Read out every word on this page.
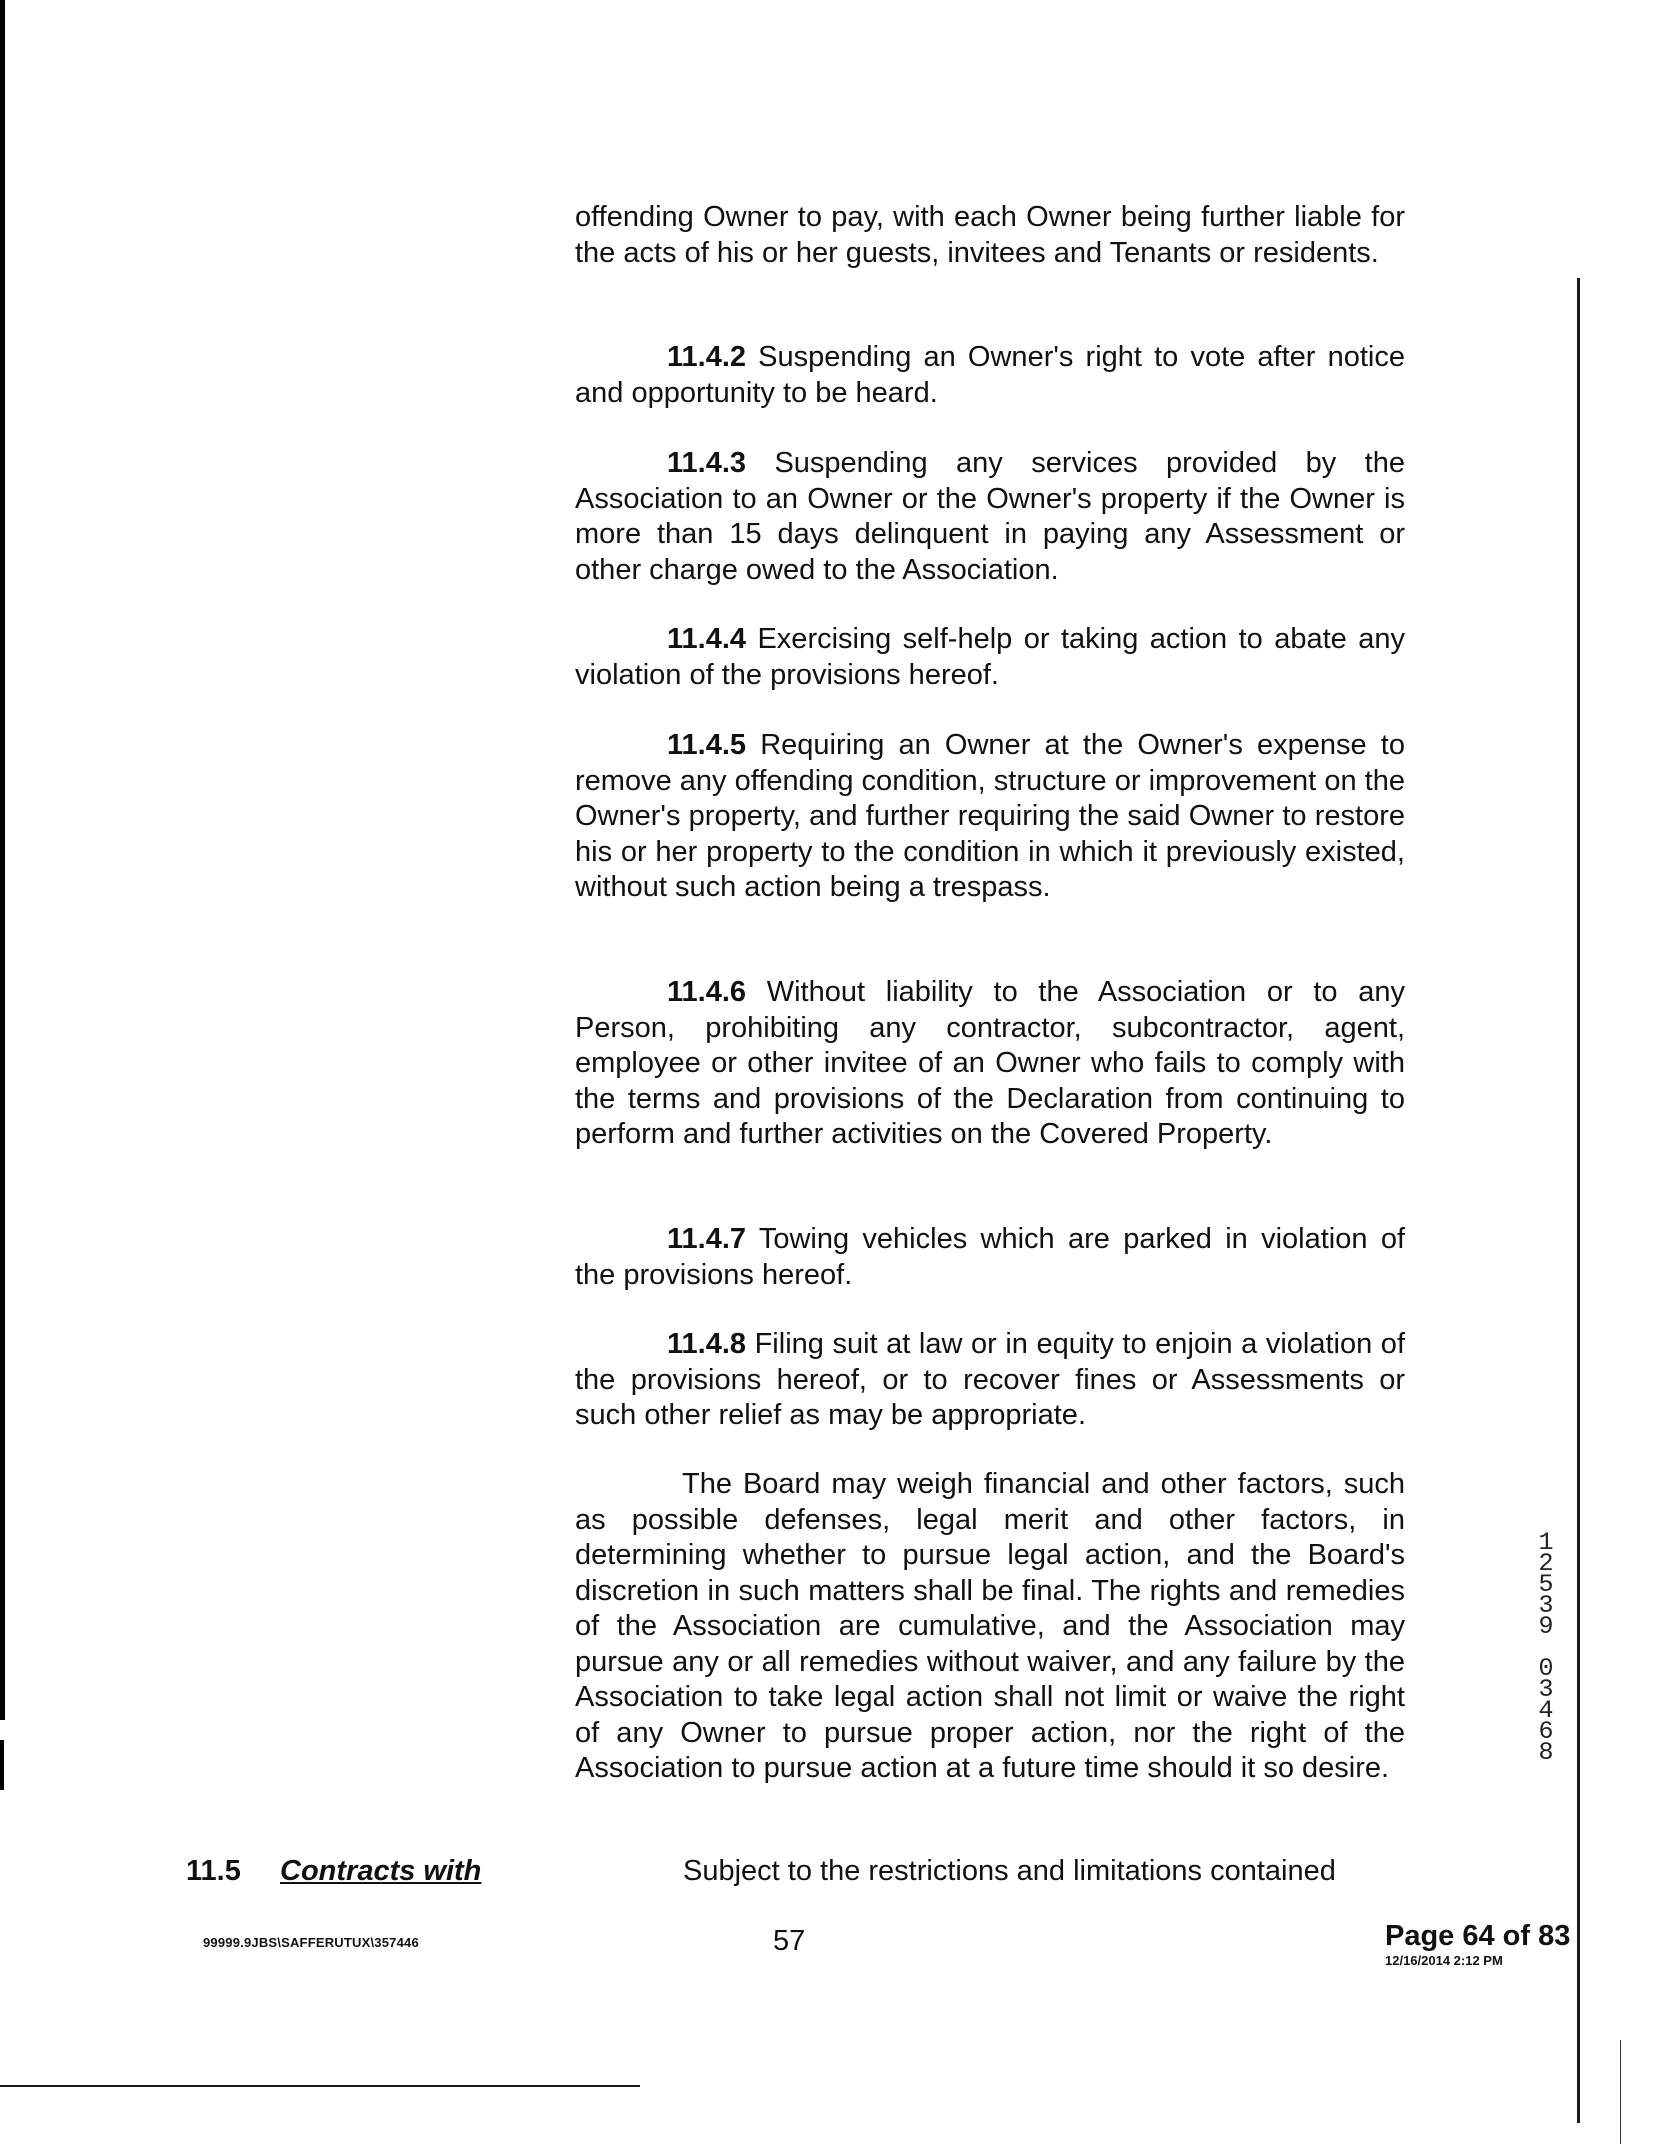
offending Owner to pay, with each Owner being further liable for the acts of his or her guests, invitees and Tenants or residents.

11.4.2 Suspending an Owner's right to vote after notice and opportunity to be heard.

11.4.3 Suspending any services provided by the Association to an Owner or the Owner's property if the Owner is more than 15 days delinquent in paying any Assessment or other charge owed to the Association.

11.4.4 Exercising self-help or taking action to abate any violation of the provisions hereof.

11.4.5 Requiring an Owner at the Owner's expense to remove any offending condition, structure or improvement on the Owner's property, and further requiring the said Owner to restore his or her property to the condition in which it previously existed, without such action being a trespass.

11.4.6 Without liability to the Association or to any Person, prohibiting any contractor, subcontractor, agent, employee or other invitee of an Owner who fails to comply with the terms and provisions of the Declaration from continuing to perform and further activities on the Covered Property.

11.4.7 Towing vehicles which are parked in violation of the provisions hereof.

11.4.8 Filing suit at law or in equity to enjoin a violation of the provisions hereof, or to recover fines or Assessments or such other relief as may be appropriate.

The Board may weigh financial and other factors, such as possible defenses, legal merit and other factors, in determining whether to pursue legal action, and the Board's discretion in such matters shall be final. The rights and remedies of the Association are cumulative, and the Association may pursue any or all remedies without waiver, and any failure by the Association to take legal action shall not limit or waive the right of any Owner to pursue proper action, nor the right of the Association to pursue action at a future time should it so desire.

11.5 Contracts with	Subject to the restrictions and limitations contained
99999.9JBS\SAFFERUTUX\357446	57	Page 64 of 83
12/16/2014 2:12 PM
1
2
5
3
9
0
3
4
6
8
